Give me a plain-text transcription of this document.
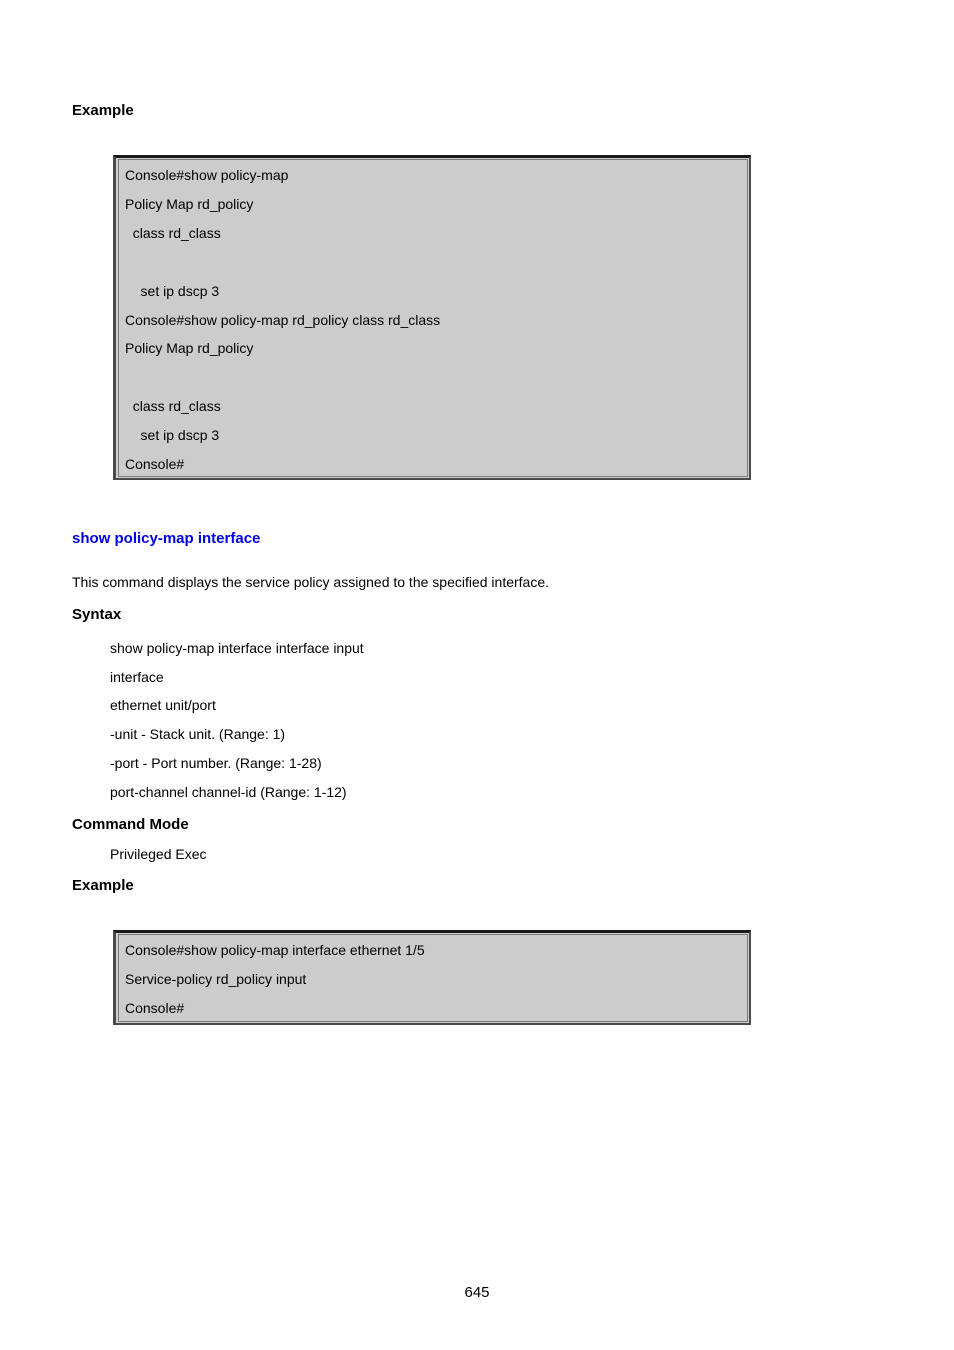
Example

Console#show policy-map

Policy Map rd_policy

class rd_class

set ip dscp 3

Console#show policy-map rd_policy class rd_class

Policy Map rd_policy

class rd_class

set ip dscp 3

Console#

show policy-map interface

This command displays the service policy assigned to the specified interface.

Syntax

show policy-map interface interface input

interface

ethernet unit/port

-unit - Stack unit. (Range: 1)

-port - Port number. (Range: 1-28)

port-channel channel-id (Range: 1-12)

Command Mode

Privileged Exec

Example

Console#show policy-map interface ethernet 1/5

Service-policy rd_policy input

Console#

645
